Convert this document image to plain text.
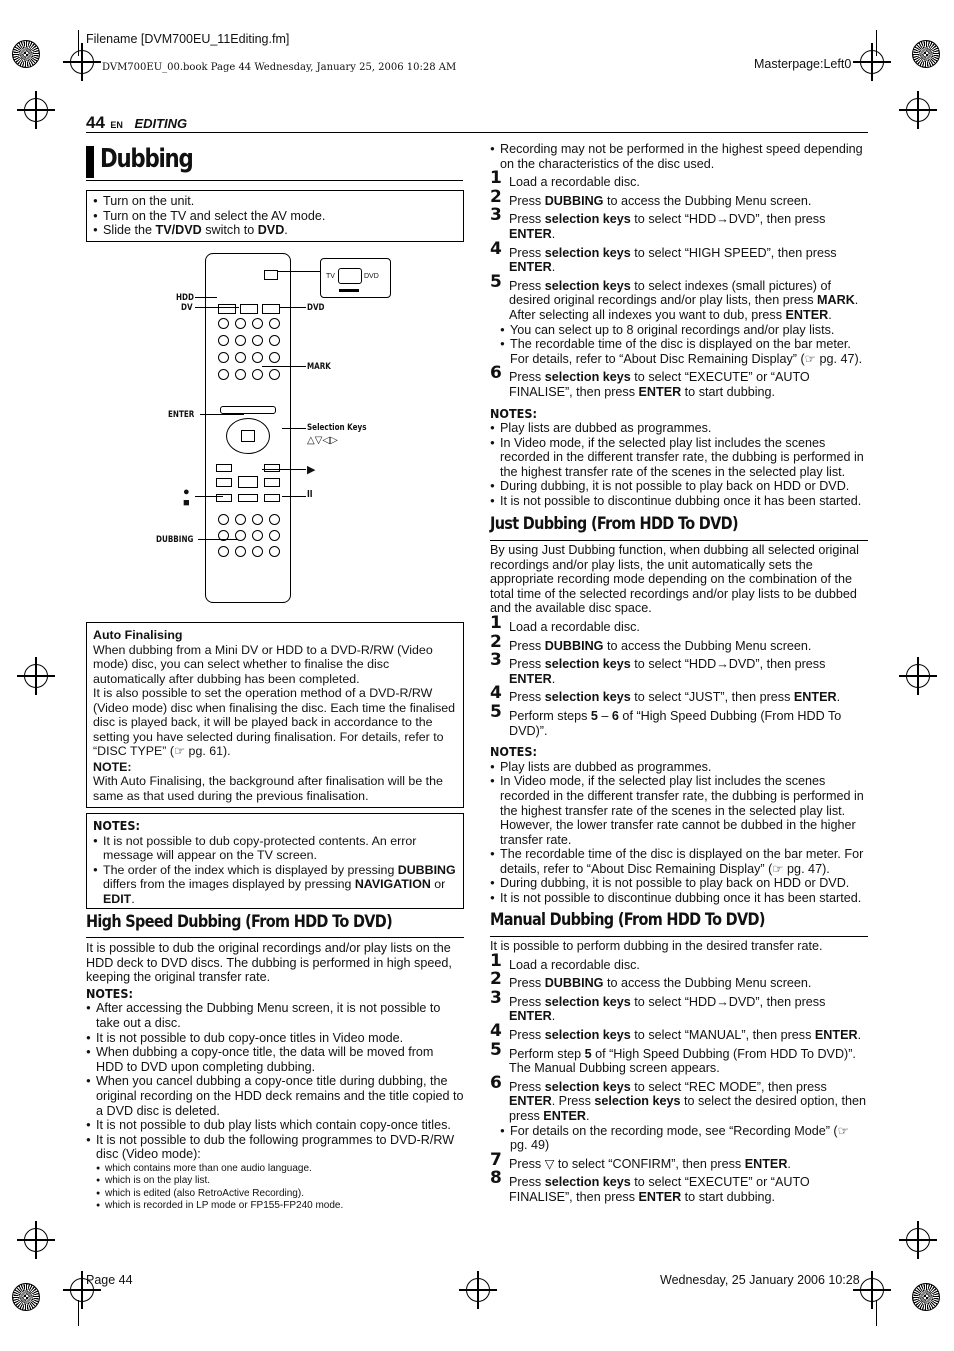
Filename [DVM700EU_11Editing.fm]
DVM700EU_00.book Page 44 Wednesday, January 25, 2006 10:28 AM	Masterpage:Left0
44 EN EDITING
Dubbing
● Turn on the unit.
● Turn on the TV and select the AV mode.
● Slide the TV/DVD switch to DVD.
TV	DVD
HDD
DV	DVD
MARK
ENTER
Selection Keys
△▽◁▷
▶
II
●
■
DUBBING
Auto Finalising
When dubbing from a Mini DV or HDD to a DVD-R/RW (Video mode) disc, you can select whether to finalise the disc automatically after dubbing has been completed.
It is also possible to set the operation method of a DVD-R/RW (Video mode) disc when finalising the disc. Each time the finalised disc is played back, it will be played back in accordance to the setting you have selected during finalisation. For details, refer to “DISC TYPE” (☞ pg. 61).
NOTE:
With Auto Finalising, the background after finalisation will be the same as that used during the previous finalisation.
NOTES:
● It is not possible to dub copy-protected contents. An error message will appear on the TV screen.
● The order of the index which is displayed by pressing DUBBING differs from the images displayed by pressing NAVIGATION or EDIT.
High Speed Dubbing (From HDD To DVD)
It is possible to dub the original recordings and/or play lists on the HDD deck to DVD discs. The dubbing is performed in high speed, keeping the original transfer rate.
NOTES:
● After accessing the Dubbing Menu screen, it is not possible to take out a disc.
● It is not possible to dub copy-once titles in Video mode.
● When dubbing a copy-once title, the data will be moved from HDD to DVD upon completing dubbing.
● When you cancel dubbing a copy-once title during dubbing, the original recording on the HDD deck remains and the title copied to a DVD disc is deleted.
● It is not possible to dub play lists which contain copy-once titles.
● It is not possible to dub the following programmes to DVD-R/RW disc (Video mode):
● which contains more than one audio language.
● which is on the play list.
● which is edited (also RetroActive Recording).
● which is recorded in LP mode or FP155-FP240 mode.
● Recording may not be performed in the highest speed depending on the characteristics of the disc used.
1 Load a recordable disc.
2 Press DUBBING to access the Dubbing Menu screen.
3 Press selection keys to select “HDD→DVD”, then press ENTER.
4 Press selection keys to select “HIGH SPEED”, then press ENTER.
5 Press selection keys to select indexes (small pictures) of desired original recordings and/or play lists, then press MARK. After selecting all indexes you want to dub, press ENTER.
● You can select up to 8 original recordings and/or play lists.
● The recordable time of the disc is displayed on the bar meter. For details, refer to “About Disc Remaining Display” (☞ pg. 47).
6 Press selection keys to select “EXECUTE” or “AUTO FINALISE”, then press ENTER to start dubbing.
NOTES:
● Play lists are dubbed as programmes.
● In Video mode, if the selected play list includes the scenes recorded in the different transfer rate, the dubbing is performed in the highest transfer rate of the scenes in the selected play list.
● During dubbing, it is not possible to play back on HDD or DVD.
● It is not possible to discontinue dubbing once it has been started.
Just Dubbing (From HDD To DVD)
By using Just Dubbing function, when dubbing all selected original recordings and/or play lists, the unit automatically sets the appropriate recording mode depending on the combination of the total time of the selected recordings and/or play lists to be dubbed and the available disc space.
1 Load a recordable disc.
2 Press DUBBING to access the Dubbing Menu screen.
3 Press selection keys to select “HDD→DVD”, then press ENTER.
4 Press selection keys to select “JUST”, then press ENTER.
5 Perform steps 5 – 6 of “High Speed Dubbing (From HDD To DVD)”.
NOTES:
● Play lists are dubbed as programmes.
● In Video mode, if the selected play list includes the scenes recorded in the different transfer rate, the dubbing is performed in the highest transfer rate of the scenes in the selected play list. However, the lower transfer rate cannot be dubbed in the higher transfer rate.
● The recordable time of the disc is displayed on the bar meter. For details, refer to “About Disc Remaining Display” (☞ pg. 47).
● During dubbing, it is not possible to play back on HDD or DVD.
● It is not possible to discontinue dubbing once it has been started.
Manual Dubbing (From HDD To DVD)
It is possible to perform dubbing in the desired transfer rate.
1 Load a recordable disc.
2 Press DUBBING to access the Dubbing Menu screen.
3 Press selection keys to select “HDD→DVD”, then press ENTER.
4 Press selection keys to select “MANUAL”, then press ENTER.
5 Perform step 5 of “High Speed Dubbing (From HDD To DVD)”. The Manual Dubbing screen appears.
6 Press selection keys to select “REC MODE”, then press ENTER. Press selection keys to select the desired option, then press ENTER.
● For details on the recording mode, see “Recording Mode” (☞ pg. 49)
7 Press ▽ to select “CONFIRM”, then press ENTER.
8 Press selection keys to select “EXECUTE” or “AUTO FINALISE”, then press ENTER to start dubbing.
Page 44	Wednesday, 25 January 2006 10:28
